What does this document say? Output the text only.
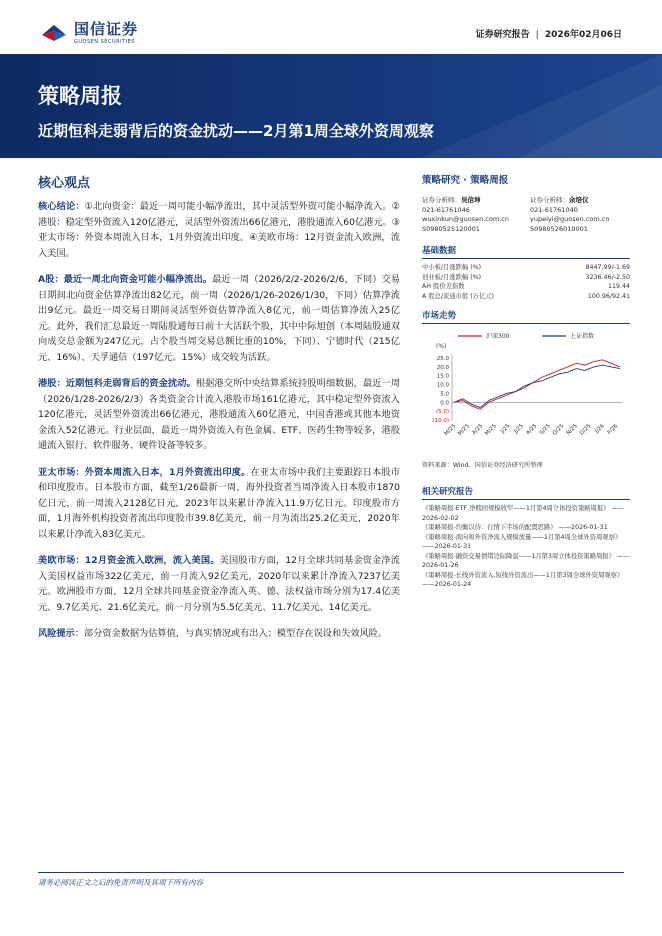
国信证券
GUOSEN SECURITIES
证券研究报告 | 2026年02月06日
策略周报
近期恒科走弱背后的资金扰动——2月第1周全球外资周观察
核心观点
核心结论：①北向资金：最近一周可能小幅净流出，其中灵活型外资可能小幅净流入。②港股：稳定型外资流入120亿港元，灵活型外资流出66亿港元，港股通流入60亿港元。③亚太市场：外资本周流入日本，1月外资流出印度。④美欧市场：12月资金流入欧洲，流入美国。
A股：最近一周北向资金可能小幅净流出。最近一周（2026/2/2-2026/2/6，下同）交易日期间北向资金估算净流出82亿元，前一周（2026/1/26-2026/1/30，下同）估算净流出9亿元。最近一周交易日期间灵活型外资估算净流入8亿元，前一周估算净流入25亿元。此外，我们汇总最近一周陆股通每日前十大活跃个股，其中中际旭创（本周陆股通双向成交总金额为247亿元，占个股当周交易总额比重的10%，下同）、宁德时代（215亿元、16%）、天孚通信（197亿元、15%）成交较为活跃。
港股：近期恒科走弱背后的资金扰动。根据港交所中央结算系统持股明细数据，最近一周（2026/1/28-2026/2/3）各类资金合计流入港股市场161亿港元，其中稳定型外资流入120亿港元，灵活型外资流出66亿港元，港股通流入60亿港元，中国香港或其他本地资金流入52亿港元。行业层面，最近一周外资流入有色金属、ETF、医药生物等较多，港股通流入银行、软件服务、硬件设备等较多。
亚太市场：外资本周流入日本，1月外资流出印度。在亚太市场中我们主要跟踪日本股市和印度股市。日本股市方面，截至1/26最新一周，海外投资者当周净流入日本股市1870亿日元，前一周流入2128亿日元，2023年以来累计净流入11.9万亿日元。印度股市方面，1月海外机构投资者流出印度股市39.8亿美元，前一月为流出25.2亿美元，2020年以来累计净流入83亿美元。
美欧市场：12月资金流入欧洲，流入美国。美国股市方面，12月全球共同基金资金净流入美国权益市场322亿美元，前一月流入92亿美元，2020年以来累计净流入7237亿美元。欧洲股市方面，12月全球共同基金资金净流入英、德、法权益市场分别为17.4亿美元、9.7亿美元、21.6亿美元，前一月分别为5.5亿美元、11.7亿美元、14亿美元。
风险提示：部分资金数据为估算值，与真实情况或有出入；模型存在误设和失效风险。
策略研究 · 策略周报
证券分析师：吴信坤
021-61761046
wuxinkun@guosen.com.cn
S0980525120001
证券分析师：余培仪
021-61761040
yupeiyi@guosen.com.cn
S0980526010001
基础数据
中小板/月涨跌幅 (%)	8447.99/-1.69
创业板/月涨跌幅 (%)	3236.46/-2.50
AH 股价差指数	119.44
A 股总/流通市值 (万亿元)	100.96/92.41
市场走势
(%)
沪深300	上证指数
25.0
20.0
15.0
10.0
5.0
0.0
(5.0)
(10.0)
M/25 M/25 A/25 M/25 J/25 J/25 A/25 S/25 O/25 N/25 D/25 J/26 F/26
资料来源：Wind、国信证券经济研究所整理
相关研究报告
《策略周报-ETF 净赎回规模收窄——1月第4周立体投资策略周报》 ——2026-02-02
《策略周报-均衡以待：行情下半场的配置思路》 ——2026-01-31
《策略周报-南向和外资净流入规模放量——1月第4周全球外资周观察》 ——2026-01-31
《策略周报-融资交易情绪边际降温——1月第3周立体投资策略周报》 ——2026-01-26
《策略周报-长线外资流入,短线外资流出——1月第3周全球外资周观察》 ——2026-01-24
请务必阅读正文之后的免责声明及其项下所有内容
